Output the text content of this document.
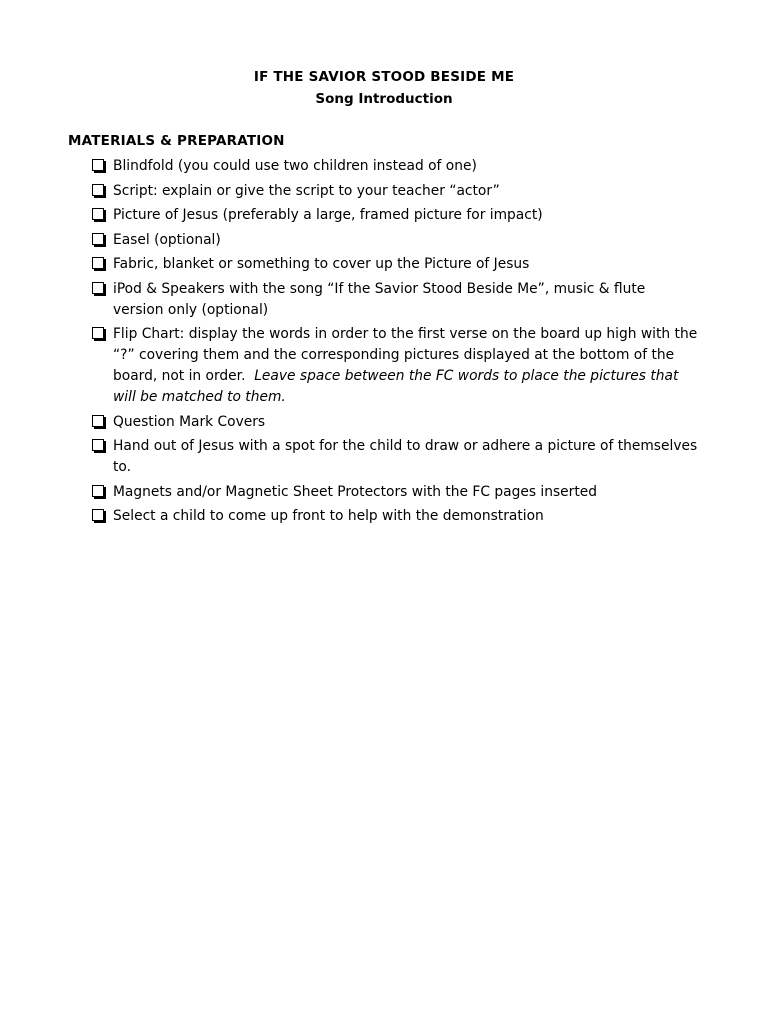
IF THE SAVIOR STOOD BESIDE ME
Song Introduction
MATERIALS & PREPARATION
Blindfold (you could use two children instead of one)
Script: explain or give the script to your teacher “actor”
Picture of Jesus (preferably a large, framed picture for impact)
Easel (optional)
Fabric, blanket or something to cover up the Picture of Jesus
iPod & Speakers with the song “If the Savior Stood Beside Me”, music & flute version only (optional)
Flip Chart: display the words in order to the first verse on the board up high with the “?” covering them and the corresponding pictures displayed at the bottom of the board, not in order. Leave space between the FC words to place the pictures that will be matched to them.
Question Mark Covers
Hand out of Jesus with a spot for the child to draw or adhere a picture of themselves to.
Magnets and/or Magnetic Sheet Protectors with the FC pages inserted
Select a child to come up front to help with the demonstration
